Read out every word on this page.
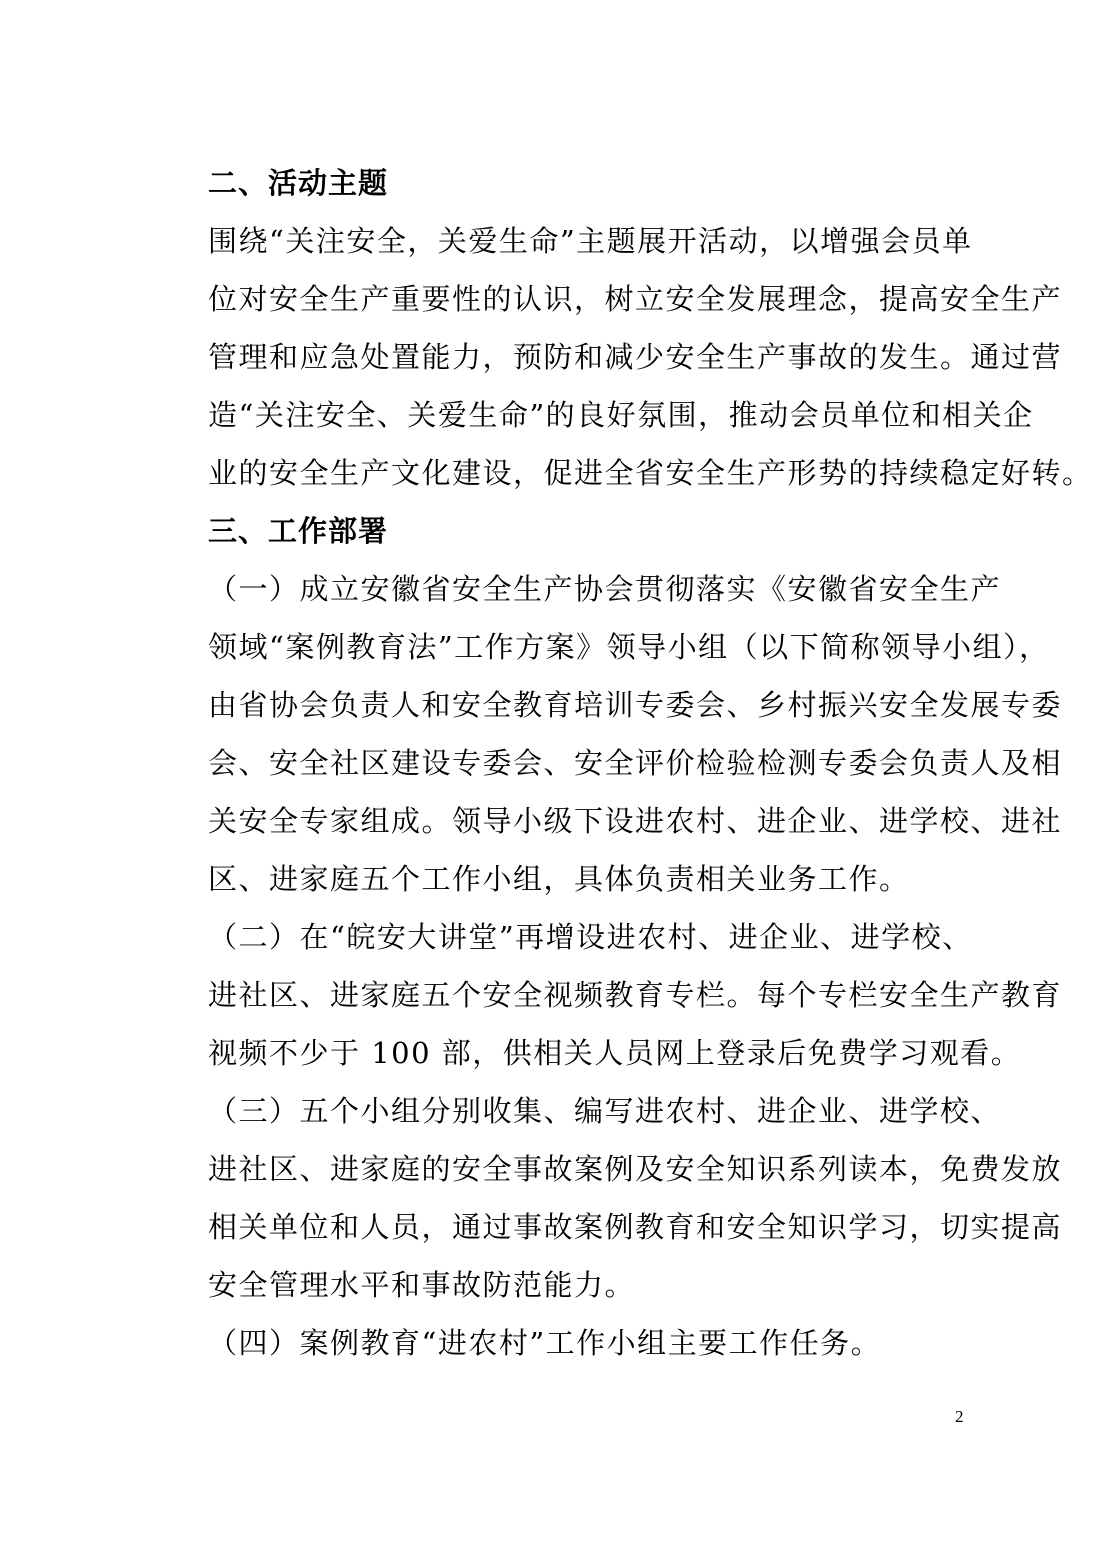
二、活动主题
围绕“关注安全，关爱生命”主题展开活动，以增强会员单
位对安全生产重要性的认识，树立安全发展理念，提高安全生产
管理和应急处置能力，预防和减少安全生产事故的发生。通过营
造“关注安全、关爱生命”的良好氛围，推动会员单位和相关企
业的安全生产文化建设，促进全省安全生产形势的持续稳定好转。
三、工作部署
（一）成立安徽省安全生产协会贯彻落实《安徽省安全生产
领域“案例教育法”工作方案》领导小组（以下简称领导小组），
由省协会负责人和安全教育培训专委会、乡村振兴安全发展专委
会、安全社区建设专委会、安全评价检验检测专委会负责人及相
关安全专家组成。领导小级下设进农村、进企业、进学校、进社
区、进家庭五个工作小组，具体负责相关业务工作。
（二）在“皖安大讲堂”再增设进农村、进企业、进学校、
进社区、进家庭五个安全视频教育专栏。每个专栏安全生产教育
视频不少于 100 部，供相关人员网上登录后免费学习观看。
（三）五个小组分别收集、编写进农村、进企业、进学校、
进社区、进家庭的安全事故案例及安全知识系列读本，免费发放
相关单位和人员，通过事故案例教育和安全知识学习，切实提高
安全管理水平和事故防范能力。
（四）案例教育“进农村”工作小组主要工作任务。
2
